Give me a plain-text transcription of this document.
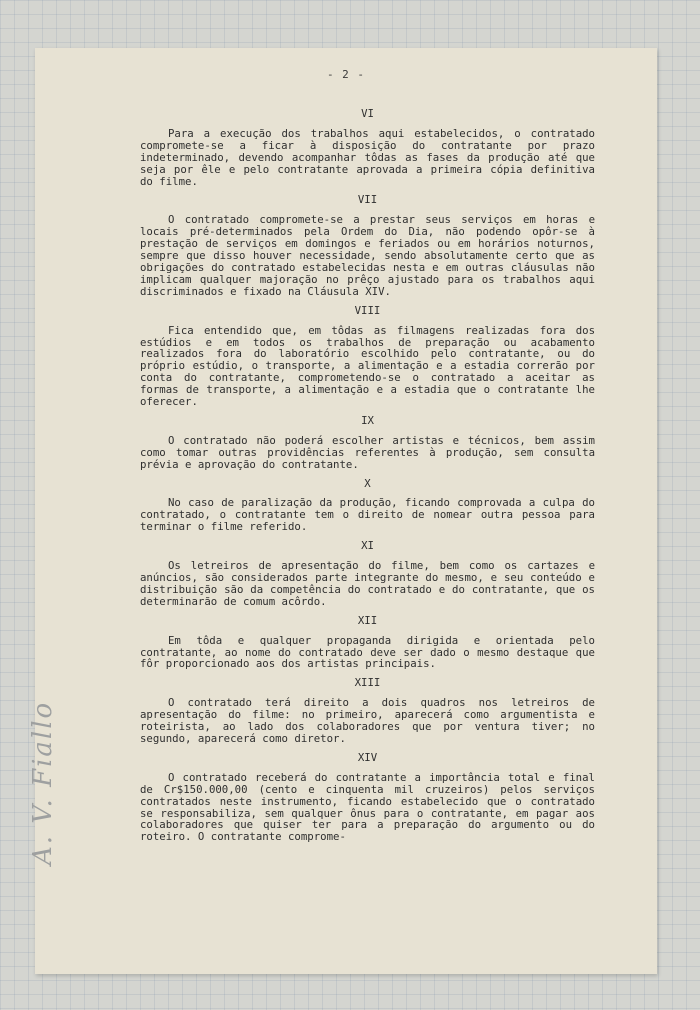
- 2 -
VI

Para a execução dos trabalhos aqui estabelecidos, o contratado compromete-se a ficar à disposição do contratante por prazo indeterminado, devendo acompanhar tôdas as fases da produção até que seja por êle e pelo contratante aprovada a primeira cópia definitiva do filme.

VII

O contratado compromete-se a prestar seus serviços em horas e locais pré-determinados pela Ordem do Dia, não podendo opôr-se à prestação de serviços em domingos e feriados ou em horários noturnos, sempre que disso houver necessidade, sendo absolutamente certo que as obrigações do contratado estabelecidas nesta e em outras cláusulas não implicam qualquer majoração no prêço ajustado para os trabalhos aqui discriminados e fixado na Cláusula XIV.

VIII

Fica entendido que, em tôdas as filmagens realizadas fora dos estúdios e em todos os trabalhos de preparação ou acabamento realizados fora do laboratório escolhido pelo contratante, ou do próprio estúdio, o transporte, a alimentação e a estadia correrão por conta do contratante, comprometendo-se o contratado a aceitar as formas de transporte, a alimentação e a estadia que o contratante lhe oferecer.

IX

O contratado não poderá escolher artistas e técnicos, bem assim como tomar outras providências referentes à produção, sem consulta prévia e aprovação do contratante.

X

No caso de paralização da produção, ficando comprovada a culpa do contratado, o contratante tem o direito de nomear outra pessoa para terminar o filme referido.

XI

Os letreiros de apresentação do filme, bem como os cartazes e anúncios, são considerados parte integrante do mesmo, e seu conteúdo e distribuição são da competência do contratado e do contratante, que os determinarão de comum acôrdo.

XII

Em tôda e qualquer propaganda dirigida e orientada pelo contratante, ao nome do contratado deve ser dado o mesmo destaque que fôr proporcionado aos dos artistas principais.

XIII

O contratado terá direito a dois quadros nos letreiros de apresentação do filme: no primeiro, aparecerá como argumentista e roteirista, ao lado dos colaboradores que por ventura tiver; no segundo, aparecerá como diretor.

XIV

O contratado receberá do contratante a importância total e final de Cr$150.000,00 (cento e cinquenta mil cruzeiros) pelos serviços contratados neste instrumento, ficando estabelecido que o contratado se responsabiliza, sem qualquer ônus para o contratante, em pagar aos colaboradores que quiser ter para a preparação do argumento ou do roteiro. O contratante comprome-

A. V. Fiallo
